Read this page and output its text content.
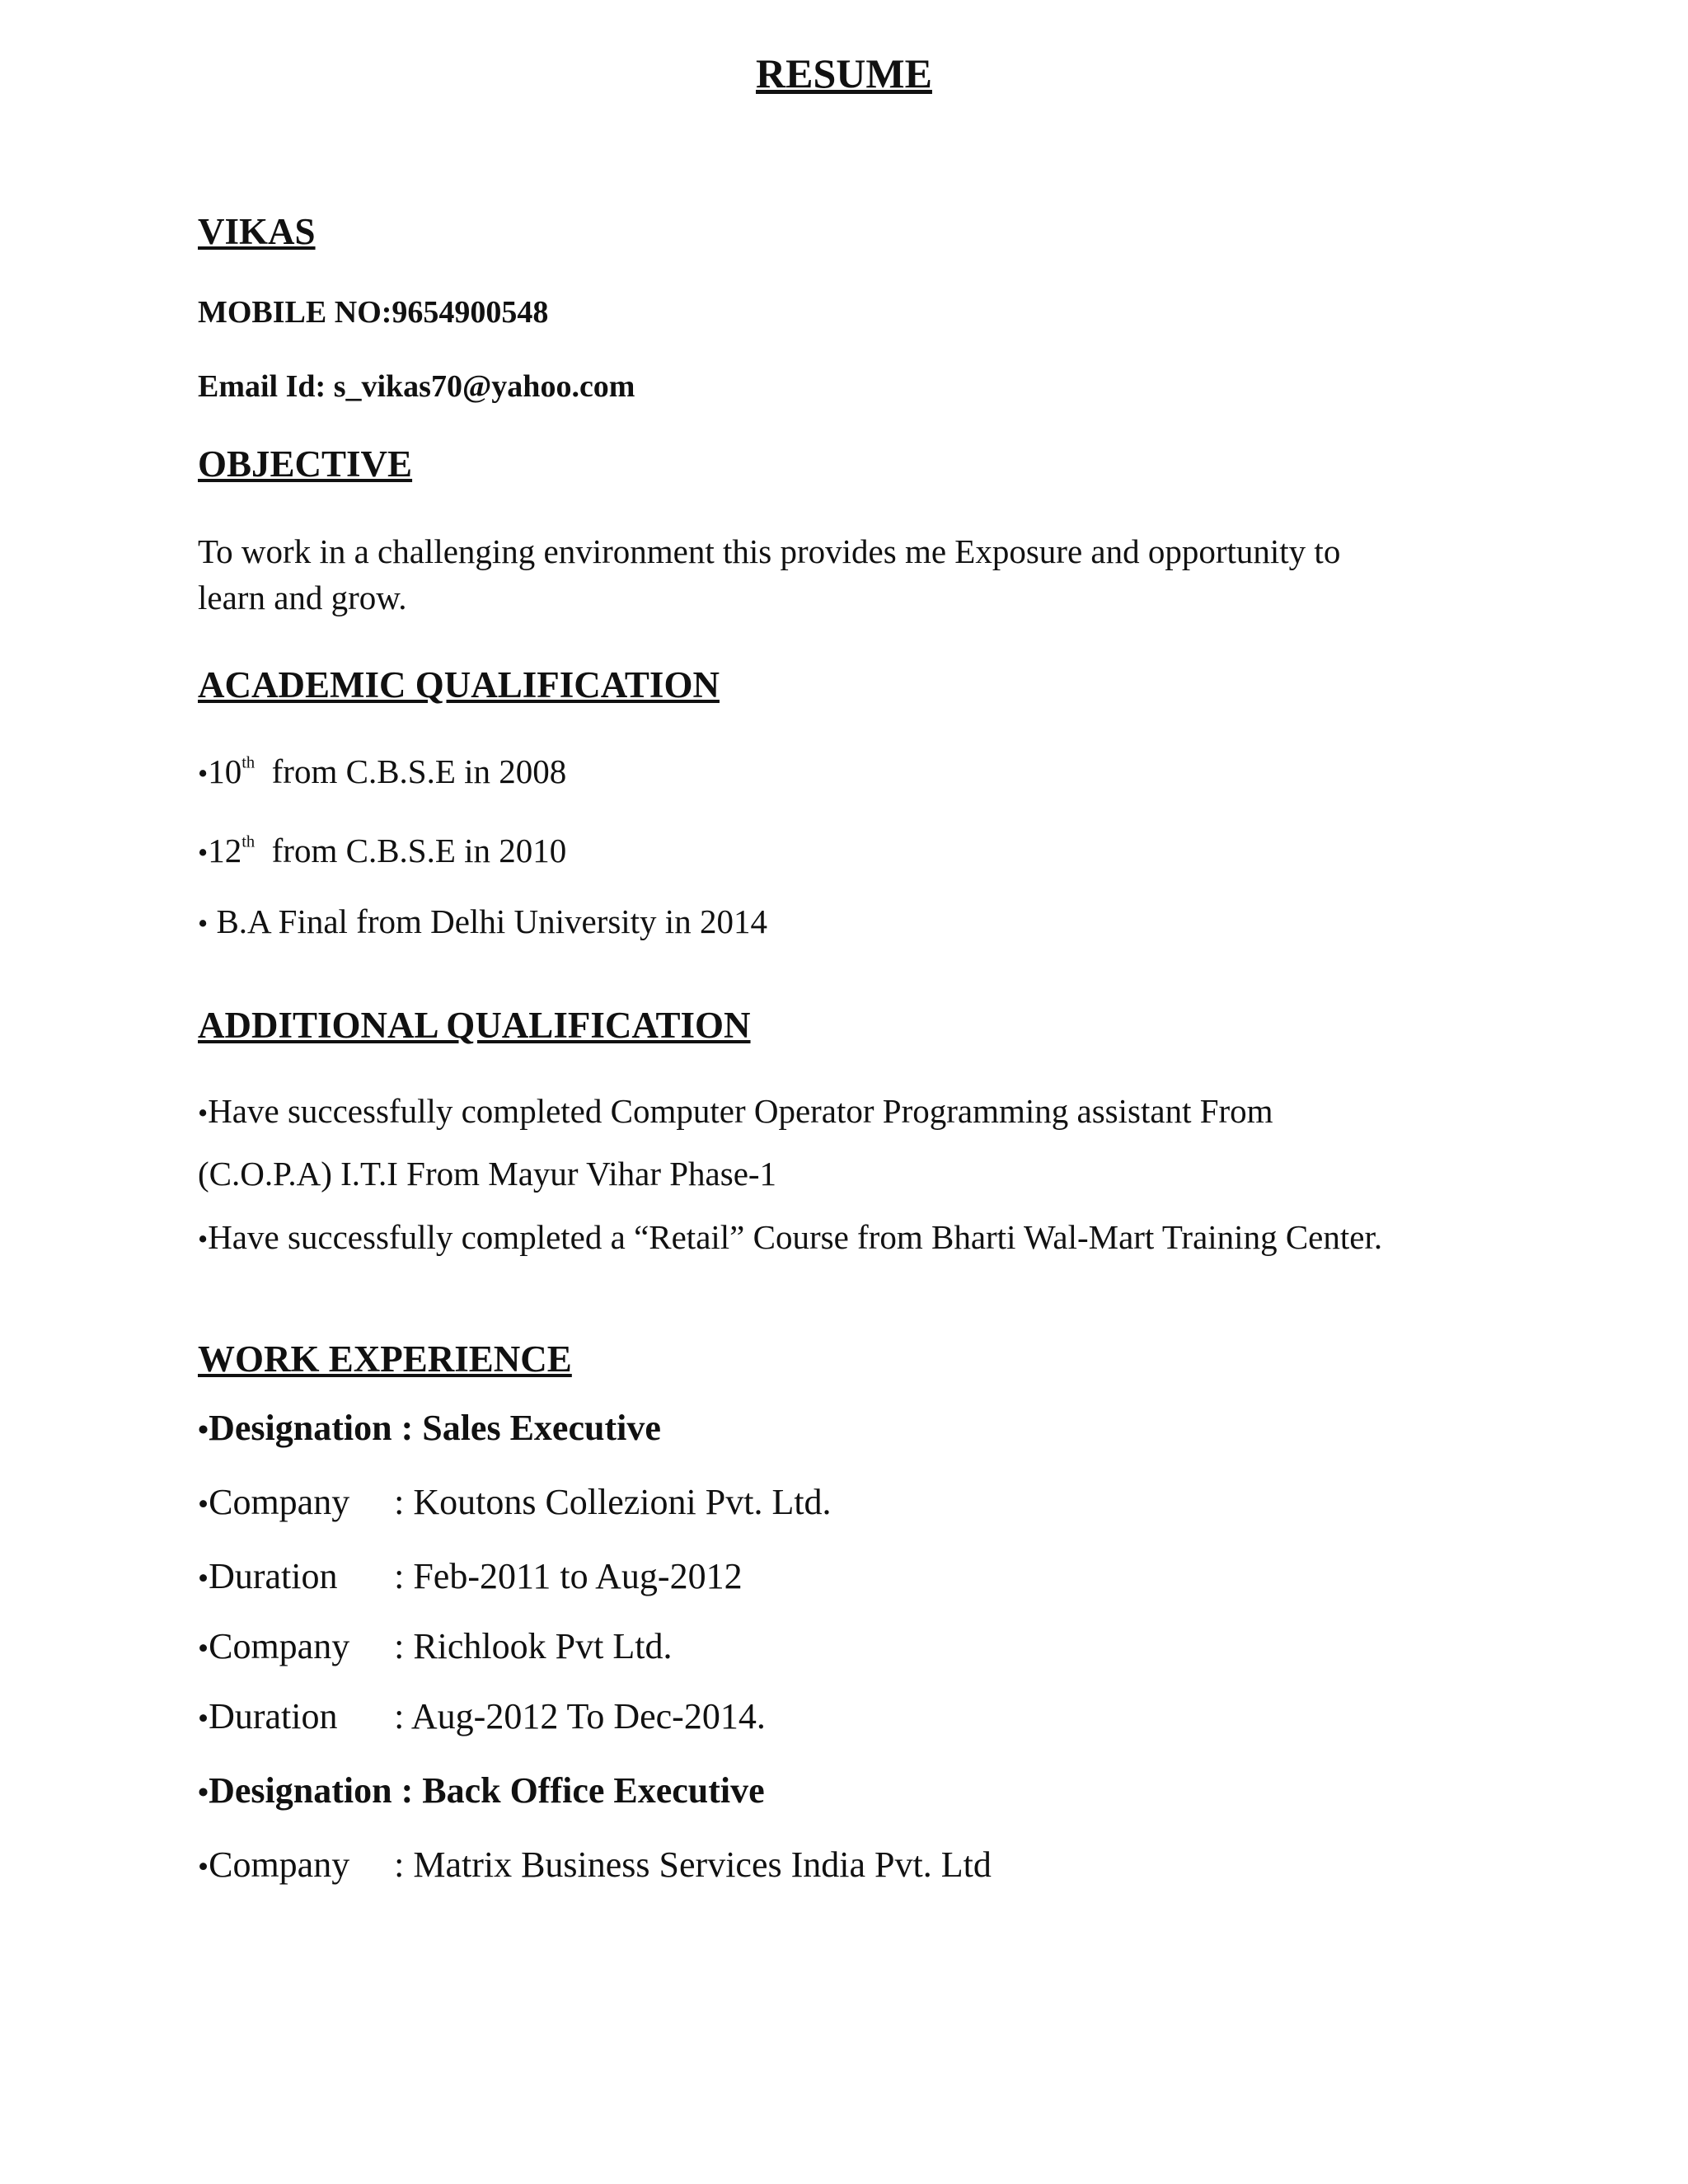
RESUME
VIKAS
MOBILE NO:9654900548
Email Id: s_vikas70@yahoo.com
OBJECTIVE
To work in a challenging environment this provides me Exposure and opportunity to
learn and grow.
ACADEMIC QUALIFICATION
•10th from C.B.S.E in 2008
•12th from C.B.S.E in 2010
• B.A Final from Delhi University in 2014
ADDITIONAL QUALIFICATION
•Have successfully completed Computer Operator Programming assistant From
(C.O.P.A) I.T.I From Mayur Vihar Phase-1
•Have successfully completed a “Retail” Course from Bharti Wal-Mart Training Center.
WORK EXPERIENCE
•Designation : Sales Executive
•Company : Koutons Collezioni Pvt. Ltd.
•Duration : Feb-2011 to Aug-2012
•Company : Richlook Pvt Ltd.
•Duration : Aug-2012 To Dec-2014.
•Designation : Back Office Executive
•Company : Matrix Business Services India Pvt. Ltd
